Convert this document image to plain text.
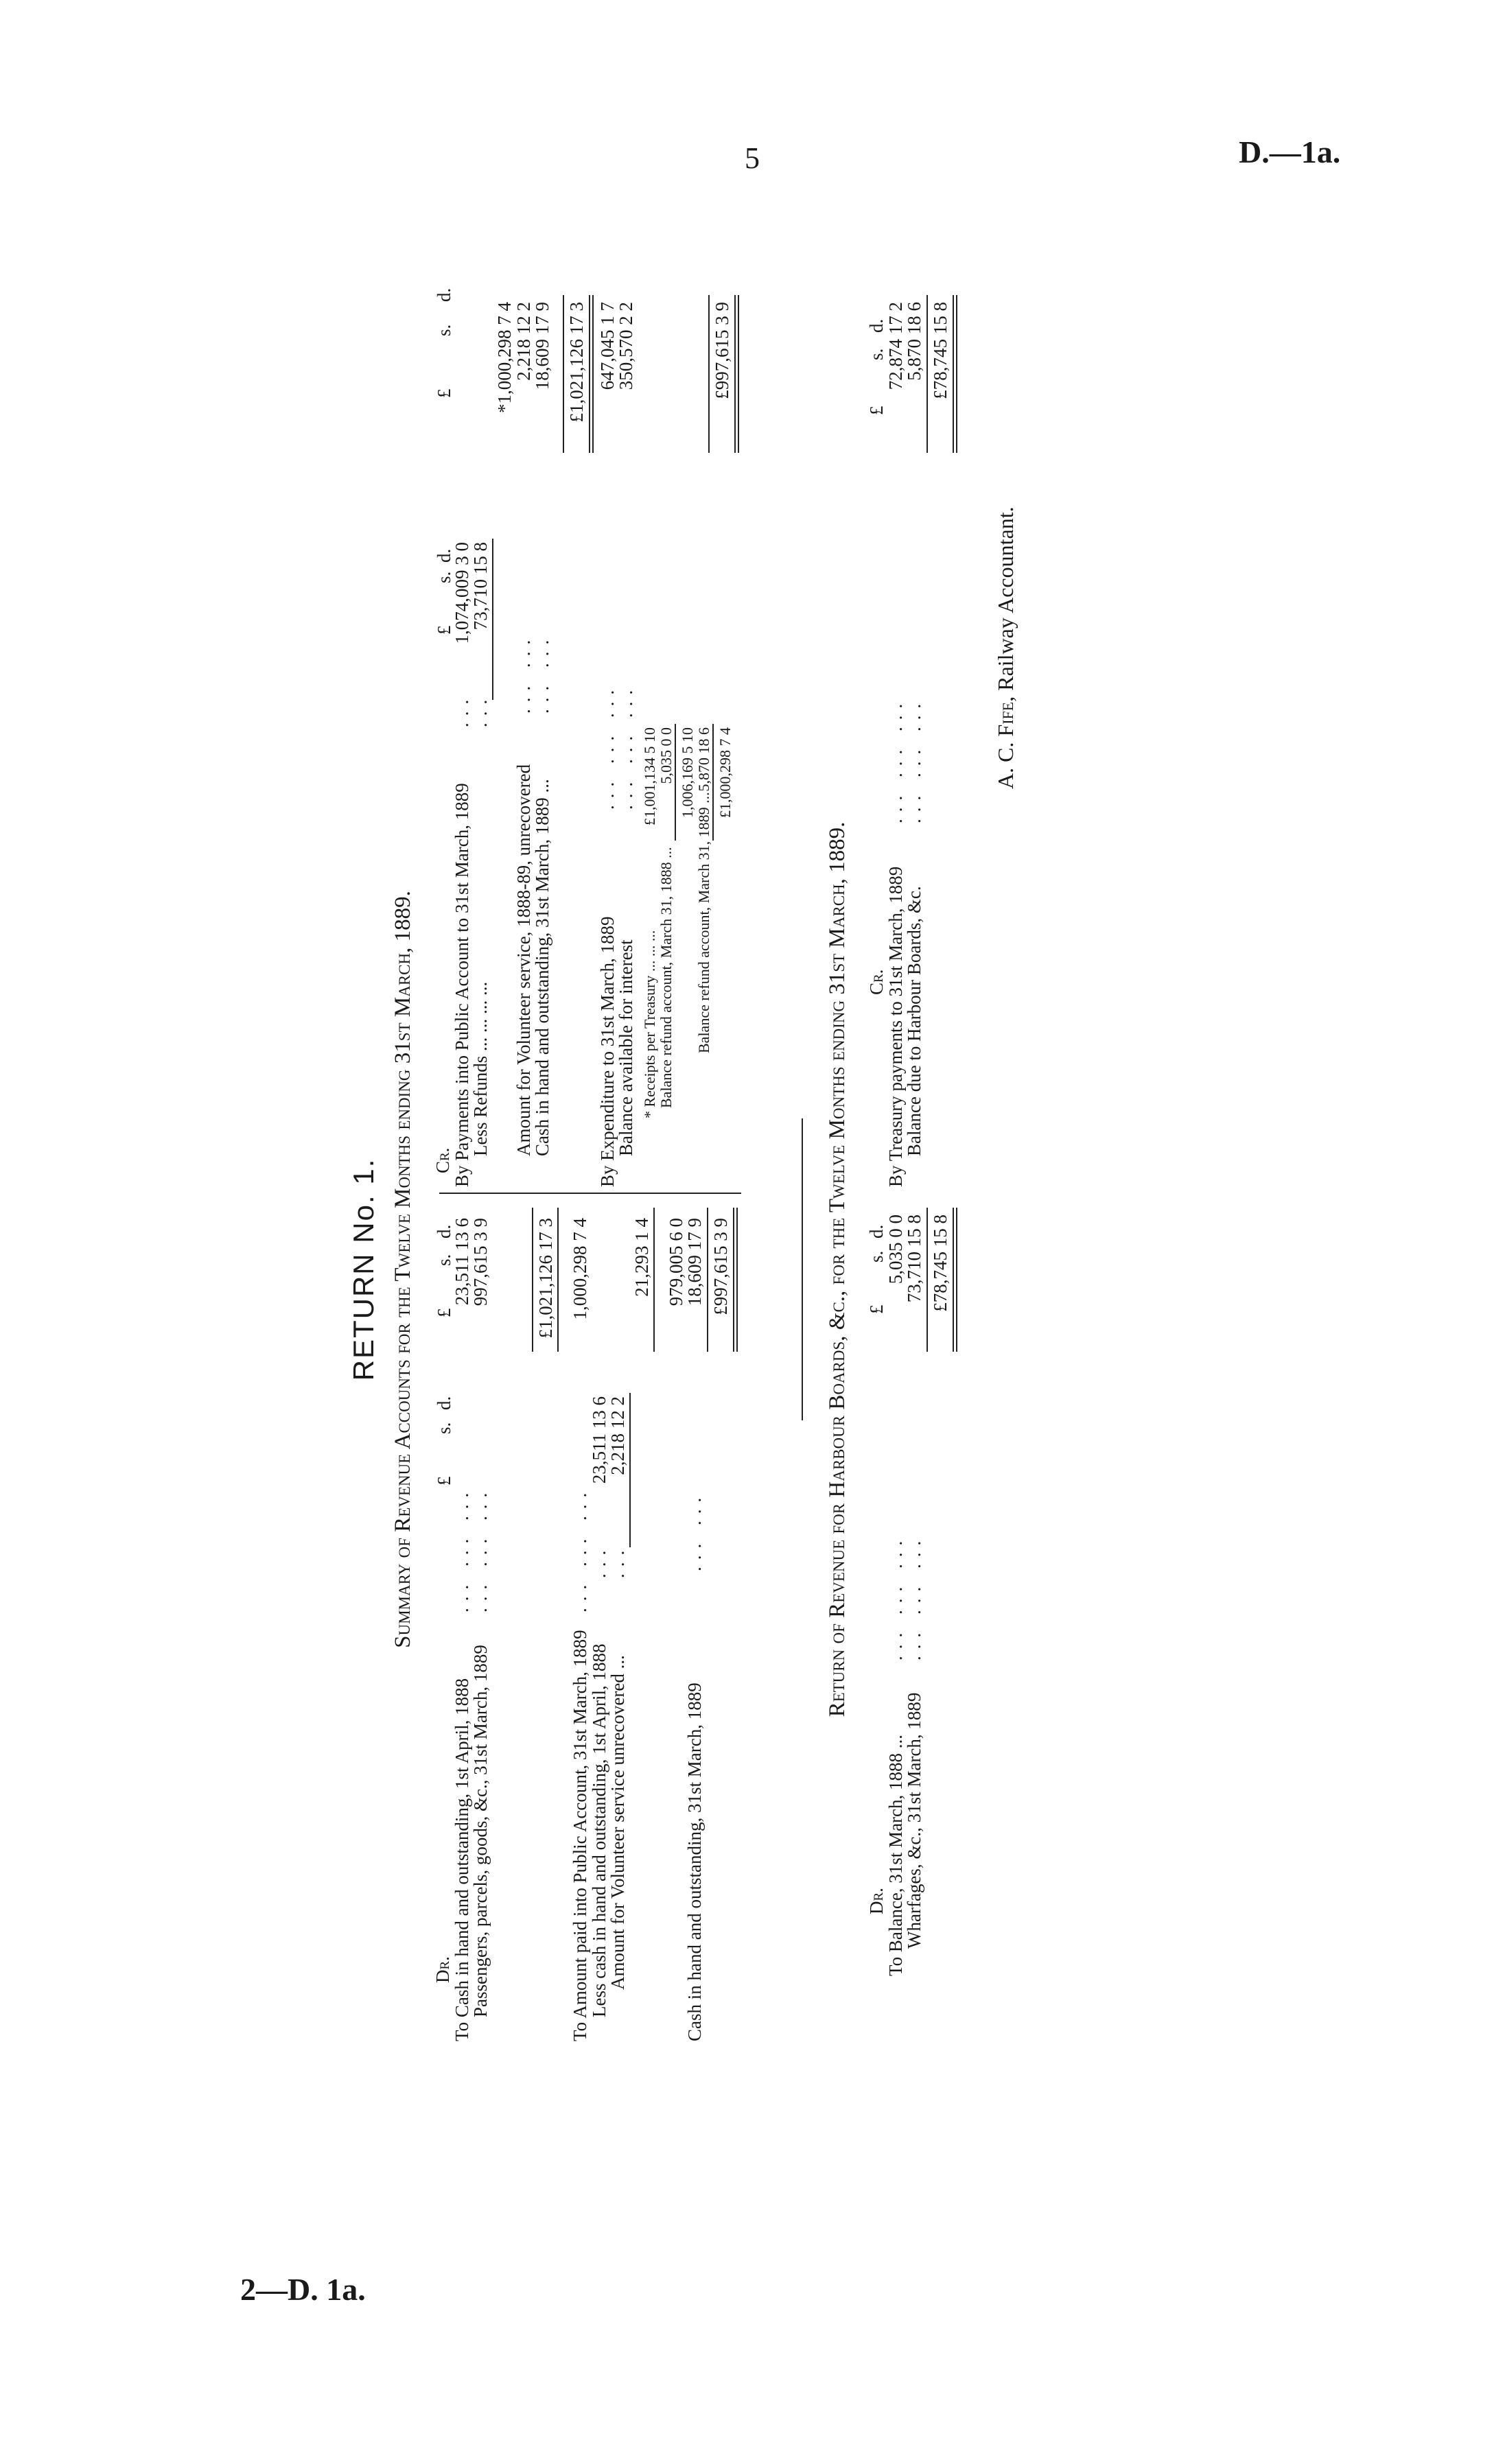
5	D.—1a.
2—D. 1a.
RETURN No. 1. Summary of Revenue Accounts for the Twelve Months ending 31st March, 1889.
Dr.
£
s.
d.
£
s.
d.
To Cash in hand and outstanding, 1st April, 1888
... ... ...
23,511 13 6
Passengers, parcels, goods, &c., 31st March, 1889
... ... ...
997,615 3 9 £1,021,126 17 3
To Amount paid into Public Account, 31st March, 1889
... ... ...
1,000,298 7 4
Less cash in hand and outstanding, 1st April, 1888
...
23,511 13 6
Amount for Volunteer service unrecovered ...
...
2,218 12 2
21,293 1 4 979,005 6 0
Cash in hand and outstanding, 31st March, 1889
... ...
18,609 17 9 £997,615 3 9
Cr.
£
s.
d.
£
s.
d.
By Payments into Public Account to 31st March, 1889
...
1,074,009 3 0
Less Refunds ... ... ... ...
...
73,710 15 8
*1,000,298 7 4
Amount for Volunteer service, 1888-89, unrecovered
... ...
2,218 12 2
Cash in hand and outstanding, 31st March, 1889 ...
... ...
18,609 17 9 £1,021,126 17 3
By Expenditure to 31st March, 1889
... ... ...
647,045 1 7
Balance available for interest
... ... ...
350,570 2 2	£997,615 3 9
* Receipts per Treasury ... ... ...
£1,001,134 5 10
Balance refund account, March 31, 1888 ...
5,035 0 0 1,006,169 5 10
Balance refund account, March 31, 1889 ...
5,870 18 6 £1,000,298 7 4
Return of Revenue for Harbour Boards, &c., for the Twelve Months ending 31st March, 1889.
Dr.
£
s.
d.
To Balance, 31st March, 1888 ...
... ... ...
5,035 0 0
Wharfages, &c., 31st March, 1889
... ... ...
73,710 15 8 £78,745 15 8
Cr.
£
s.
d.
By Treasury payments to 31st March, 1889
... ... ...
72,874 17 2
Balance due to Harbour Boards, &c.
... ... ...
5,870 18 6 £78,745 15 8
A. C. Fife, Railway Accountant.
